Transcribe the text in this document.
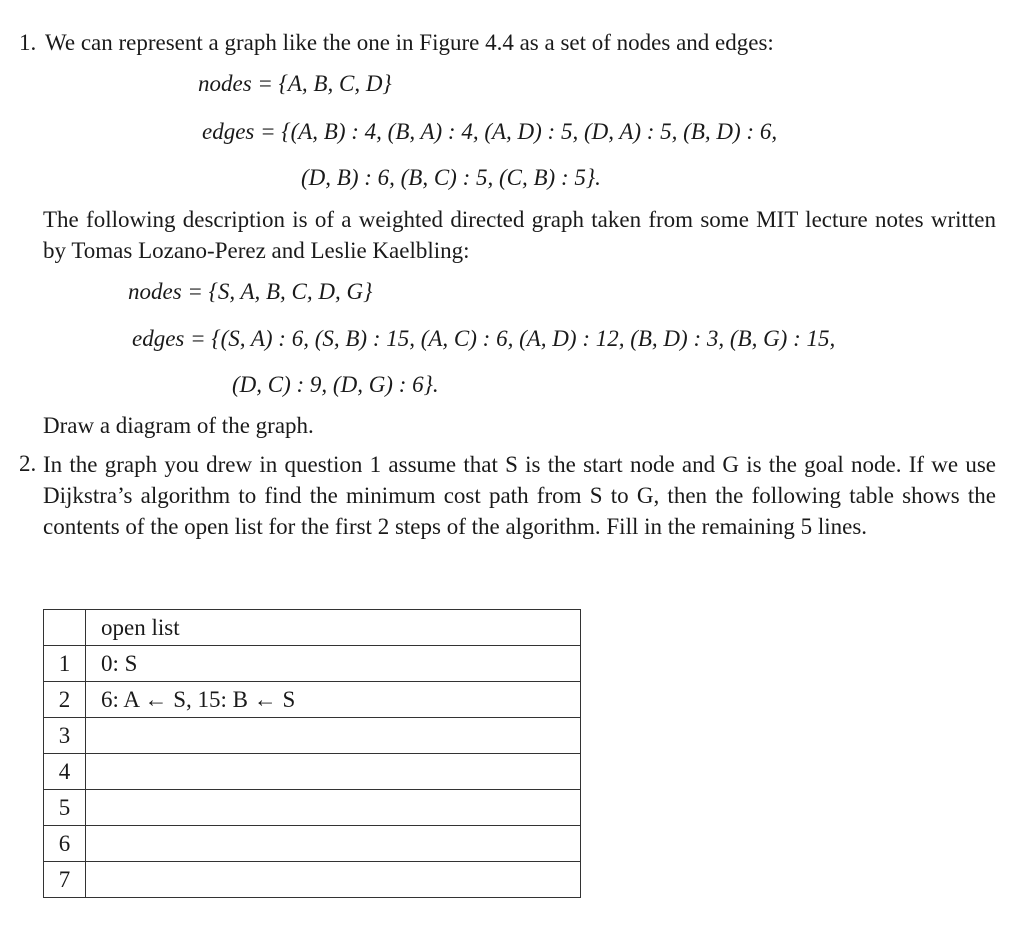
1. We can represent a graph like the one in Figure 4.4 as a set of nodes and edges:
nodes = {A, B, C, D}
edges = {(A, B) : 4, (B, A) : 4, (A, D) : 5, (D, A) : 5, (B, D) : 6,
(D, B) : 6, (B, C) : 5, (C, B) : 5}.
The following description is of a weighted directed graph taken from some MIT lecture notes written by Tomas Lozano-Perez and Leslie Kaelbling:
nodes = {S, A, B, C, D, G}
edges = {(S, A) : 6, (S, B) : 15, (A, C) : 6, (A, D) : 12, (B, D) : 3, (B, G) : 15,
(D, C) : 9, (D, G) : 6}.
Draw a diagram of the graph.
2. In the graph you drew in question 1 assume that S is the start node and G is the goal node. If we use Dijkstra’s algorithm to find the minimum cost path from S to G, then the following table shows the contents of the open list for the first 2 steps of the algorithm. Fill in the remaining 5 lines.
	open list
1	0: S
2	6: A ← S, 15: B ← S
3	
4	
5	
6	
7	
